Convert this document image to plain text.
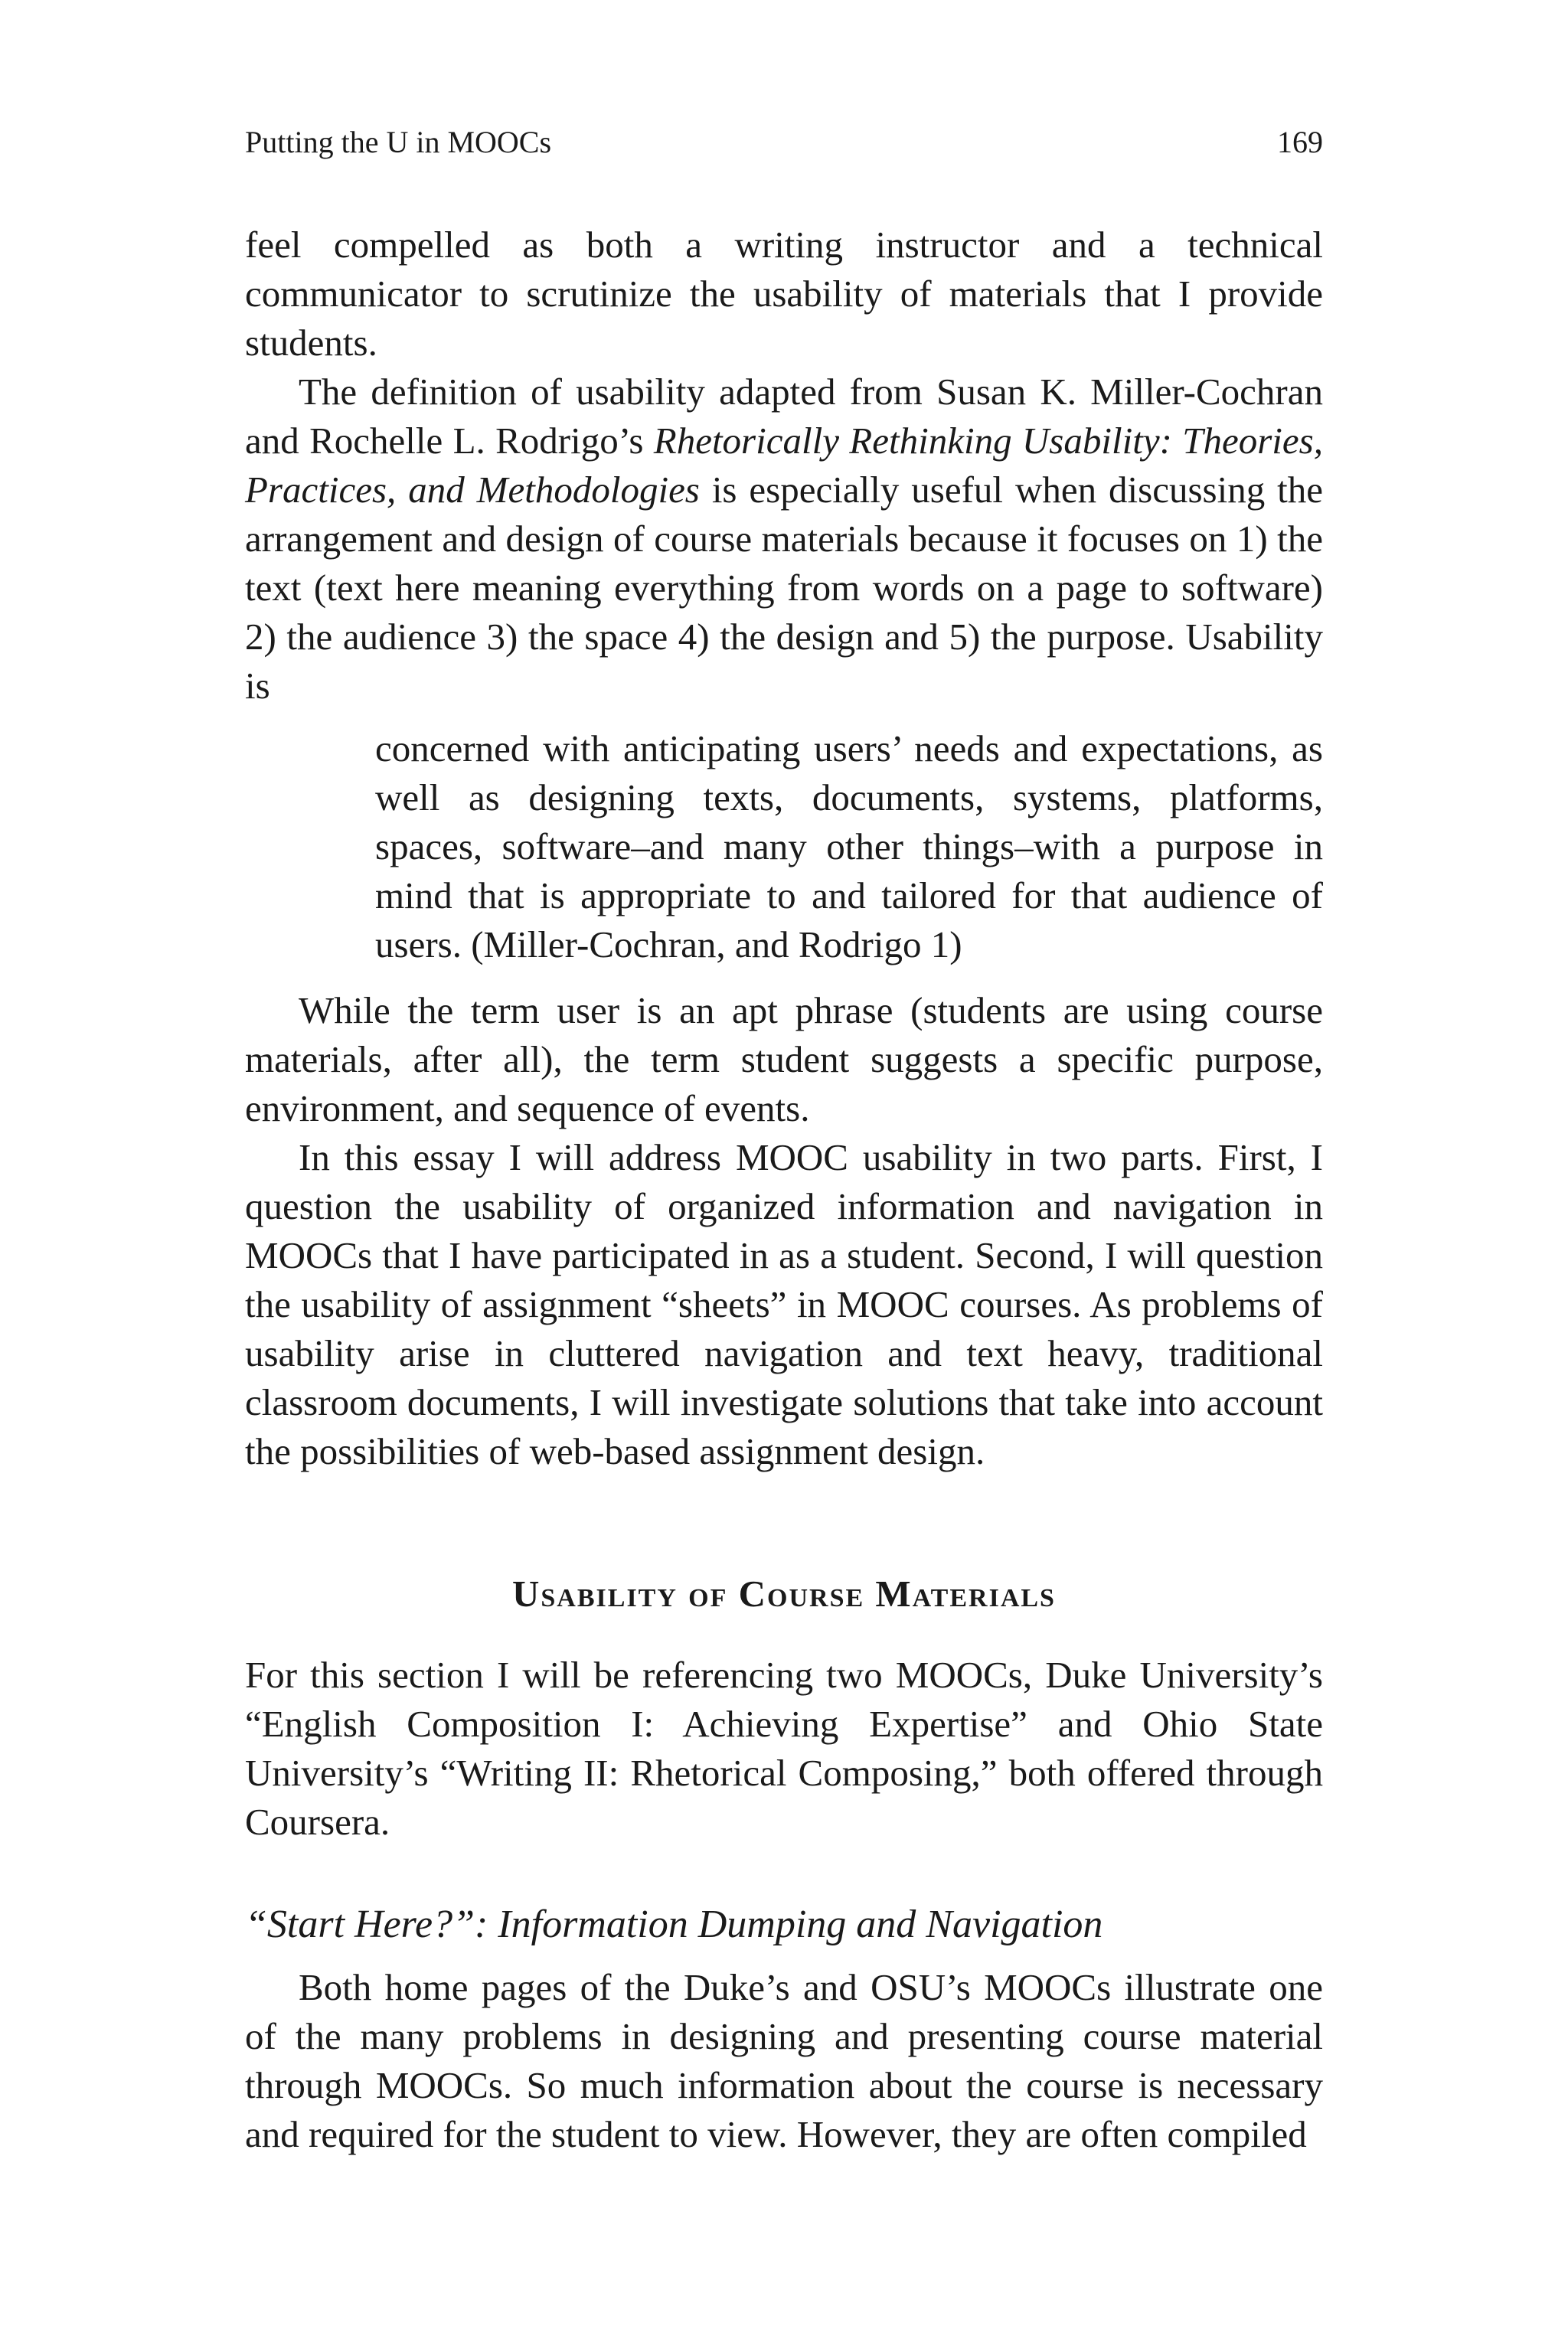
Putting the U in MOOCs	169

feel compelled as both a writing instructor and a technical communicator to scrutinize the usability of materials that I provide students.

The definition of usability adapted from Susan K. Miller-Cochran and Rochelle L. Rodrigo’s Rhetorically Rethinking Usability: Theories, Practices, and Methodologies is especially useful when discussing the arrangement and design of course materials because it focuses on 1) the text (text here meaning everything from words on a page to software) 2) the audience 3) the space 4) the design and 5) the purpose. Usability is

concerned with anticipating users’ needs and expectations, as well as designing texts, documents, systems, platforms, spaces, software–and many other things–with a purpose in mind that is appropriate to and tailored for that audience of users. (Miller-Cochran, and Rodrigo 1)

While the term user is an apt phrase (students are using course materials, after all), the term student suggests a specific purpose, environment, and sequence of events.

In this essay I will address MOOC usability in two parts. First, I question the usability of organized information and navigation in MOOCs that I have participated in as a student. Second, I will question the usability of assignment “sheets” in MOOC courses. As problems of usability arise in cluttered navigation and text heavy, traditional classroom documents, I will investigate solutions that take into account the possibilities of web-based assignment design.

Usability of Course Materials

For this section I will be referencing two MOOCs, Duke University’s “English Composition I: Achieving Expertise” and Ohio State University’s “Writing II: Rhetorical Composing,” both offered through Coursera.

“Start Here?”: Information Dumping and Navigation

Both home pages of the Duke’s and OSU’s MOOCs illustrate one of the many problems in designing and presenting course material through MOOCs. So much information about the course is necessary and required for the student to view. However, they are often compiled
